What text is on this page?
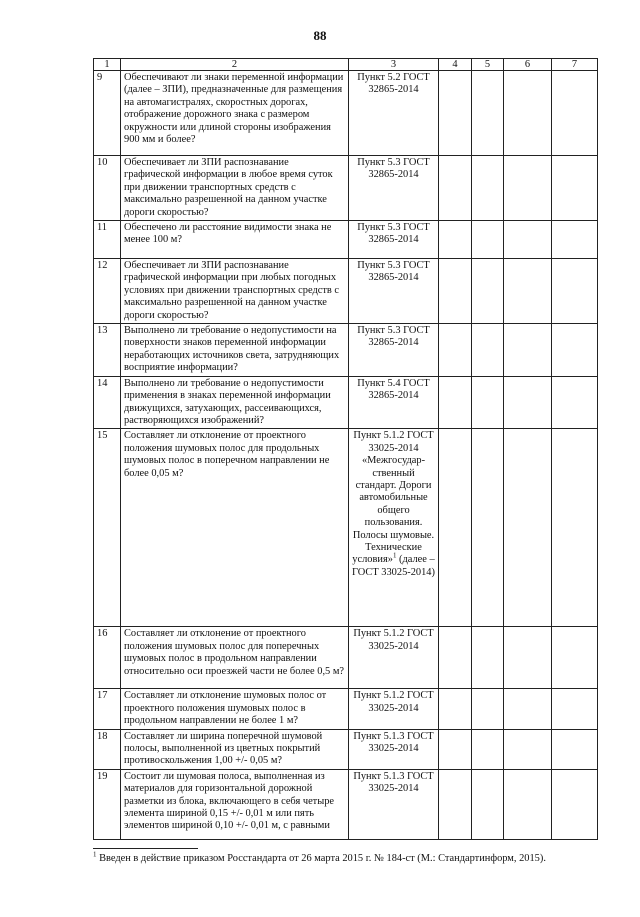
88
1	2	3	4	5	6	7
9	Обеспечивают ли знаки переменной информации (далее – ЗПИ), предназначенные для размещения на автомагистралях, скоростных дорогах, отображение дорожного знака с размером окружности или длиной стороны изображения 900 мм и более?	Пункт 5.2 ГОСТ 32865-2014				
10	Обеспечивает ли ЗПИ распознавание графической информации в любое время суток при движении транспортных средств с максимально разрешенной на данном участке дороги скоростью?	Пункт 5.3 ГОСТ 32865-2014				
11	Обеспечено ли расстояние видимости знака не менее 100 м?	Пункт 5.3 ГОСТ 32865-2014				
12	Обеспечивает ли ЗПИ распознавание графической информации при любых погодных условиях при движении транспортных средств с максимально разрешенной на данном участке дороги скоростью?	Пункт 5.3 ГОСТ 32865-2014				
13	Выполнено ли требование о недопустимости на поверхности знаков переменной информации неработающих источников света, затрудняющих восприятие информации?	Пункт 5.3 ГОСТ 32865-2014				
14	Выполнено ли требование о недопустимости применения в знаках переменной информации движущихся, затухающих, рассеивающихся, растворяющихся изображений?	Пункт 5.4 ГОСТ 32865-2014				
15	Составляет ли отклонение от проектного положения шумовых полос для продольных шумовых полос в поперечном направлении не более 0,05 м?	Пункт 5.1.2 ГОСТ 33025-2014 «Межгосудар-ственный стандарт. Дороги автомобильные общего пользования. Полосы шумовые. Технические условия»$^1$ (далее – ГОСТ 33025-2014)				
16	Составляет ли отклонение от проектного положения шумовых полос для поперечных шумовых полос в продольном направлении относительно оси проезжей части не более 0,5 м?	Пункт 5.1.2 ГОСТ 33025-2014				
17	Составляет ли отклонение шумовых полос от проектного положения шумовых полос в продольном направлении не более 1 м?	Пункт 5.1.2 ГОСТ 33025-2014				
18	Составляет ли ширина поперечной шумовой полосы, выполненной из цветных покрытий противоскольжения 1,00 +/- 0,05 м?	Пункт 5.1.3 ГОСТ 33025-2014				
19	Состоит ли шумовая полоса, выполненная из материалов для горизонтальной дорожной разметки из блока, включающего в себя четыре элемента шириной 0,15 +/- 0,01 м или пять элементов шириной 0,10 +/- 0,01 м, с равными	Пункт 5.1.3 ГОСТ 33025-2014				
$^1$ Введен в действие приказом Росстандарта от 26 марта 2015 г. № 184-ст (М.: Стандартинформ, 2015).
